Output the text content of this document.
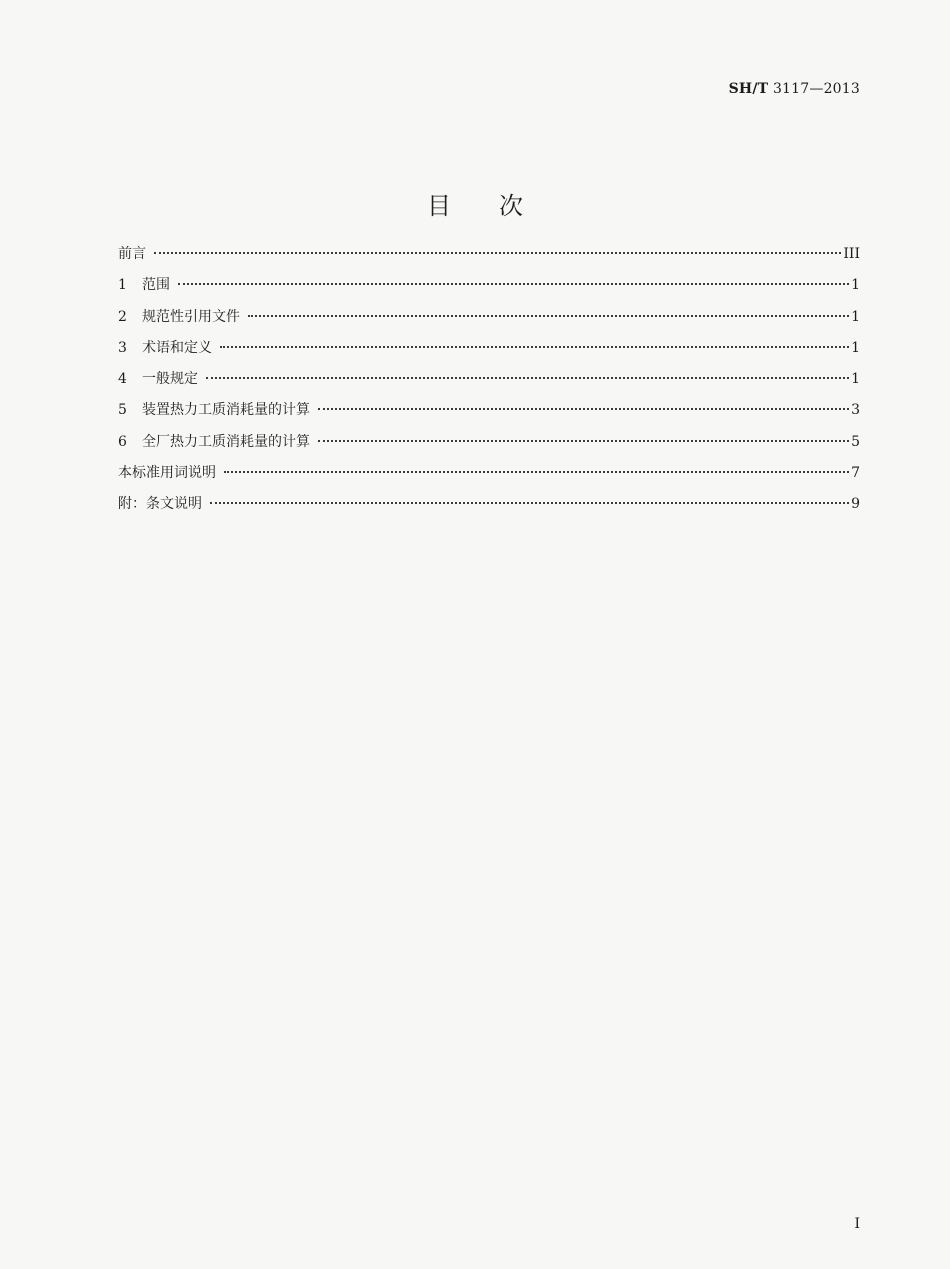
SH/T 3117—2013
目次
前言	III
1	范围	1
2	规范性引用文件	1
3	术语和定义	1
4	一般规定	1
5	装置热力工质消耗量的计算	3
6	全厂热力工质消耗量的计算	5
本标准用词说明	7
附：条文说明	9
I
